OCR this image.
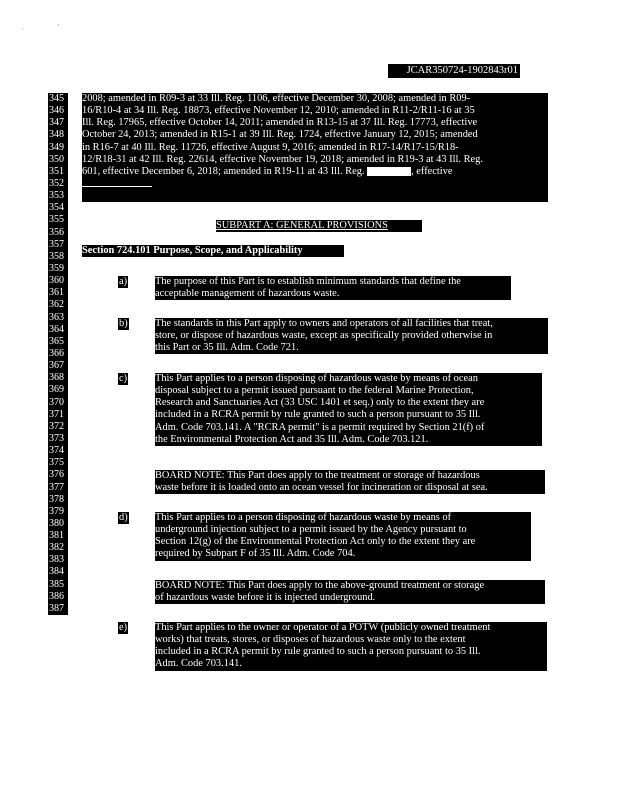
'
'
JCAR350724-1902843r01
345
346
347
348
349
350
351
352
353
354
355
356
357
358
359
360
361
362
363
364
365
366
367
368
369
370
371
372
373
374
375
376
377
378
379
380
381
382
383
384
385
386
387
2008; amended in R09-3 at 33 Ill. Reg. 1106, effective December 30, 2008; amended in R09-
16/R10-4 at 34 Ill. Reg. 18873, effective November 12, 2010; amended in R11-2/R11-16 at 35
Ill. Reg. 17965, effective October 14, 2011; amended in R13-15 at 37 Ill. Reg. 17773, effective
October 24, 2013; amended in R15-1 at 39 Ill. Reg. 1724, effective January 12, 2015; amended
in R16-7 at 40 Ill. Reg. 11726, effective August 9, 2016; amended in R17-14/R17-15/R18-
12/R18-31 at 42 Ill. Reg. 22614, effective November 19, 2018; amended in R19-3 at 43 Ill. Reg.
601, effective December 6, 2018; amended in R19-11 at 43 Ill. Reg.	, effective
SUBPART A: GENERAL PROVISIONS
Section 724.101 Purpose, Scope, and Applicability
a)	The purpose of this Part is to establish minimum standards that define the
acceptable management of hazardous waste.
b)	The standards in this Part apply to owners and operators of all facilities that treat,
store, or dispose of hazardous waste, except as specifically provided otherwise in
this Part or 35 Ill. Adm. Code 721.
c)	This Part applies to a person disposing of hazardous waste by means of ocean
disposal subject to a permit issued pursuant to the federal Marine Protection,
Research and Sanctuaries Act (33 USC 1401 et seq.) only to the extent they are
included in a RCRA permit by rule granted to such a person pursuant to 35 Ill.
Adm. Code 703.141. A "RCRA permit" is a permit required by Section 21(f) of
the Environmental Protection Act and 35 Ill. Adm. Code 703.121.
BOARD NOTE: This Part does apply to the treatment or storage of hazardous
waste before it is loaded onto an ocean vessel for incineration or disposal at sea.
d)	This Part applies to a person disposing of hazardous waste by means of
underground injection subject to a permit issued by the Agency pursuant to
Section 12(g) of the Environmental Protection Act only to the extent they are
required by Subpart F of 35 Ill. Adm. Code 704.
BOARD NOTE: This Part does apply to the above-ground treatment or storage
of hazardous waste before it is injected underground.
e)	This Part applies to the owner or operator of a POTW (publicly owned treatment
works) that treats, stores, or disposes of hazardous waste only to the extent
included in a RCRA permit by rule granted to such a person pursuant to 35 Ill.
Adm. Code 703.141.
